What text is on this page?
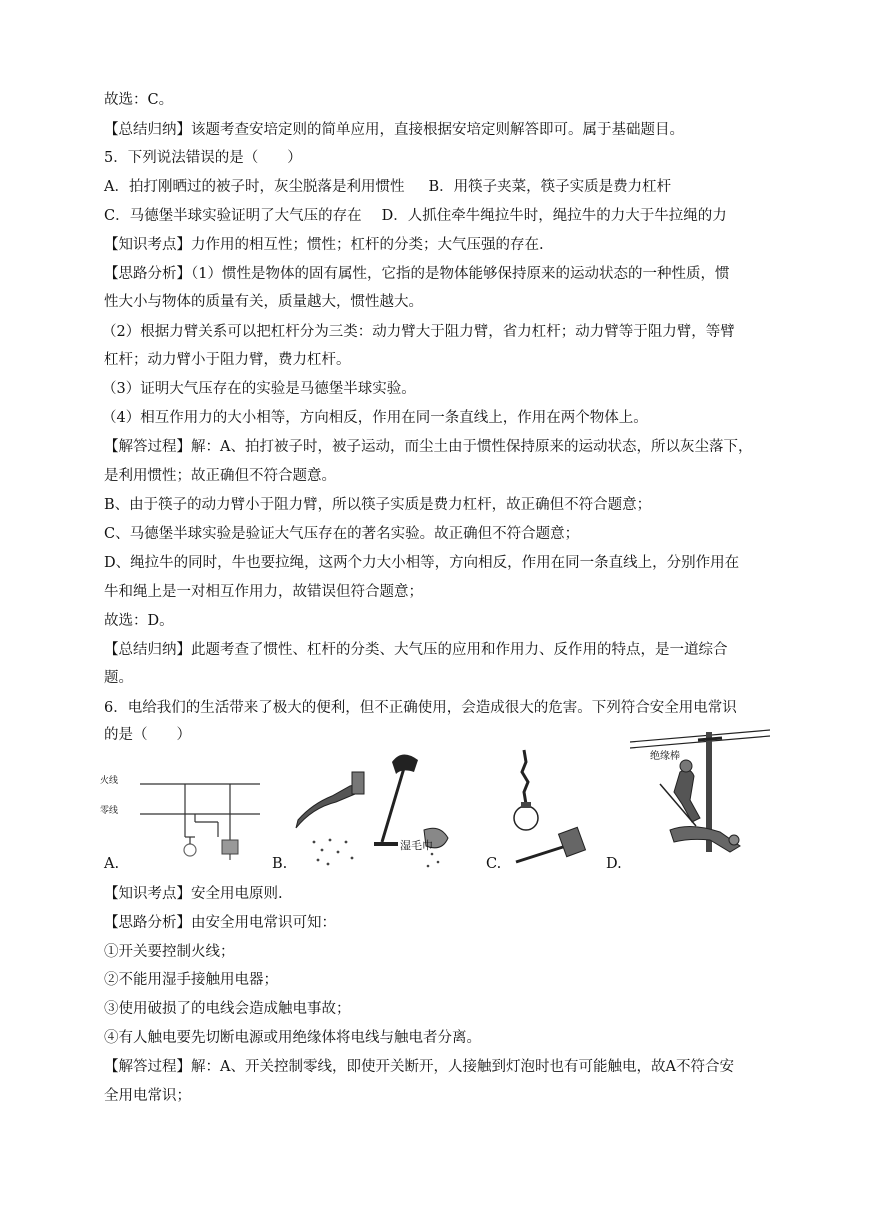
故选：C。
【总结归纳】该题考查安培定则的简单应用，直接根据安培定则解答即可。属于基础题目。
5．下列说法错误的是（　　）
A．拍打刚晒过的被子时，灰尘脱落是利用惯性 B．用筷子夹菜，筷子实质是费力杠杆
C．马德堡半球实验证明了大气压的存在 D．人抓住牵牛绳拉牛时，绳拉牛的力大于牛拉绳的力
【知识考点】力作用的相互性；惯性；杠杆的分类；大气压强的存在.
【思路分析】（1）惯性是物体的固有属性，它指的是物体能够保持原来的运动状态的一种性质，惯
性大小与物体的质量有关，质量越大，惯性越大。
（2）根据力臂关系可以把杠杆分为三类：动力臂大于阻力臂，省力杠杆；动力臂等于阻力臂，等臂
杠杆；动力臂小于阻力臂，费力杠杆。
（3）证明大气压存在的实验是马德堡半球实验。
（4）相互作用力的大小相等，方向相反，作用在同一条直线上，作用在两个物体上。
【解答过程】解：A、拍打被子时，被子运动，而尘土由于惯性保持原来的运动状态，所以灰尘落下，
是利用惯性；故正确但不符合题意。
B、由于筷子的动力臂小于阻力臂，所以筷子实质是费力杠杆，故正确但不符合题意；
C、马德堡半球实验是验证大气压存在的著名实验。故正确但不符合题意；
D、绳拉牛的同时，牛也要拉绳，这两个力大小相等，方向相反，作用在同一条直线上，分别作用在
牛和绳上是一对相互作用力，故错误但符合题意；
故选：D。
【总结归纳】此题考查了惯性、杠杆的分类、大气压的应用和作用力、反作用的特点，是一道综合
题。
6．电给我们的生活带来了极大的便利，但不正确使用，会造成很大的危害。下列符合安全用电常识
的是（　　）
火线
零线
A.
湿毛巾
B.	C.
绝缘棒
D.
【知识考点】安全用电原则.
【思路分析】由安全用电常识可知：
①开关要控制火线；
②不能用湿手接触用电器；
③使用破损了的电线会造成触电事故；
④有人触电要先切断电源或用绝缘体将电线与触电者分离。
【解答过程】解：A、开关控制零线，即使开关断开，人接触到灯泡时也有可能触电，故A不符合安
全用电常识；
